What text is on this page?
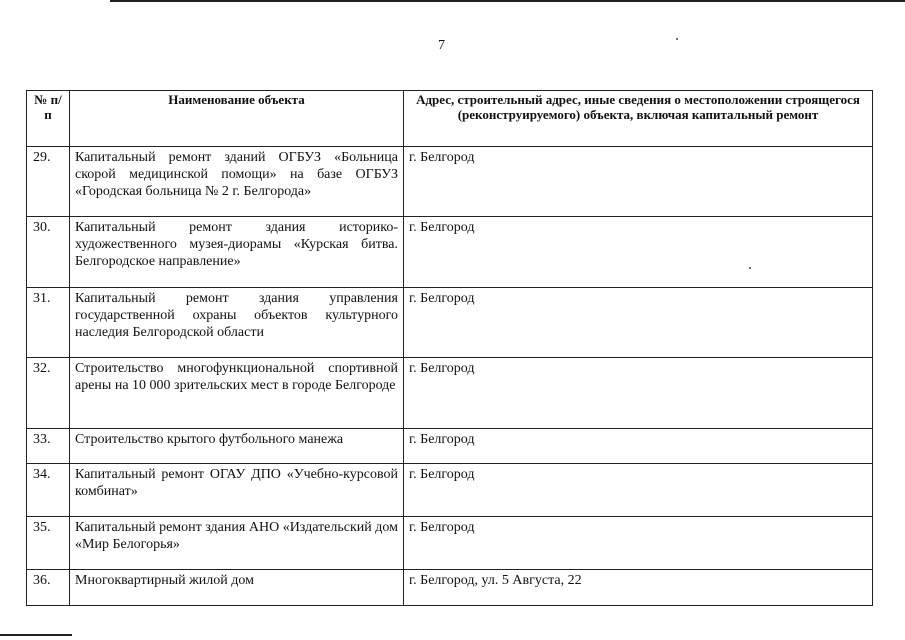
7
№ п/п	Наименование объекта	Адрес, строительный адрес, иные сведения о местоположении строящегося (реконструируемого) объекта, включая капитальный ремонт
29.	Капитальный ремонт зданий ОГБУЗ «Больница скорой медицинской помощи» на базе ОГБУЗ «Городская больница № 2 г. Белгорода»	г. Белгород
30.	Капитальный ремонт здания историко-художественного музея-диорамы «Курская битва. Белгородское направление»	г. Белгород
31.	Капитальный ремонт здания управления государственной охраны объектов культурного наследия Белгородской области	г. Белгород
32.	Строительство многофункциональной спортивной арены на 10 000 зрительских мест в городе Белгороде	г. Белгород
33.	Строительство крытого футбольного манежа	г. Белгород
34.	Капитальный ремонт ОГАУ ДПО «Учебно-курсовой комбинат»	г. Белгород
35.	Капитальный ремонт здания АНО «Издательский дом «Мир Белогорья»	г. Белгород
36.	Многоквартирный жилой дом	г. Белгород, ул. 5 Августа, 22
